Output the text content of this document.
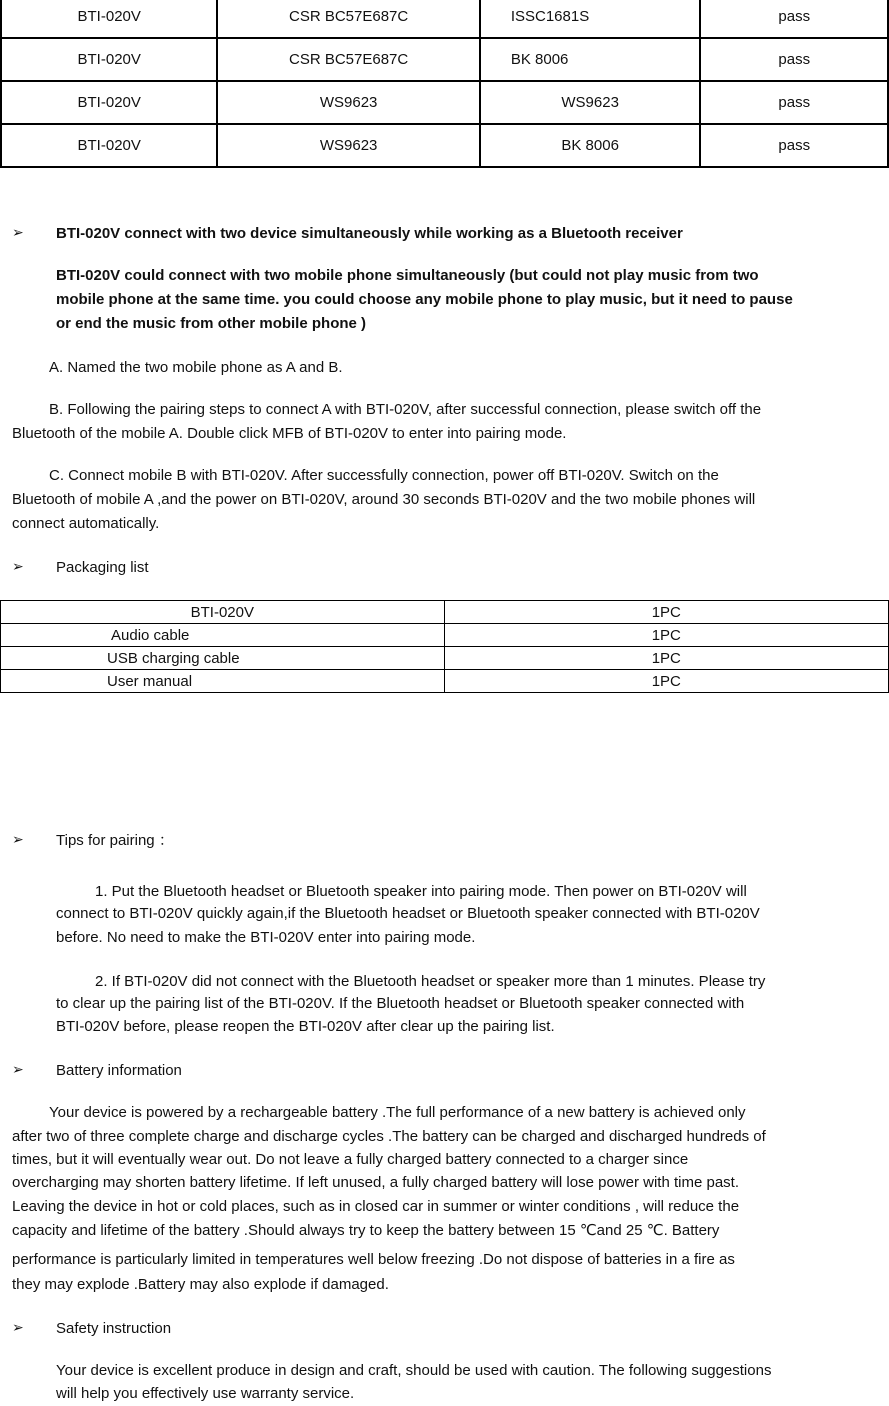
BTI-020V	CSR BC57E687C	ISSC1681S	pass
BTI-020V	CSR BC57E687C	BK 8006	pass
BTI-020V	WS9623	WS9623	pass
BTI-020V	WS9623	BK 8006	pass
➢ BTI-020V connect with two device simultaneously while working as a Bluetooth receiver
BTI-020V could connect with two mobile phone simultaneously (but could not play music from two
mobile phone at the same time. you could choose any mobile phone to play music, but it need to pause
or end the music from other mobile phone )
A. Named the two mobile phone as A and B.
B. Following the pairing steps to connect A with BTI-020V, after successful connection, please switch off the
Bluetooth of the mobile A. Double click MFB of BTI-020V to enter into pairing mode.
C. Connect mobile B with BTI-020V. After successfully connection, power off BTI-020V. Switch on the
Bluetooth of mobile A ,and the power on BTI-020V, around 30 seconds BTI-020V and the two mobile phones will
connect automatically.
➢ Packaging list
BTI-020V	1PC
Audio cable	1PC
USB charging cable	1PC
User manual	1PC
➢ Tips for pairing ：
1. Put the Bluetooth headset or Bluetooth speaker into pairing mode. Then power on BTI-020V will
connect to BTI-020V quickly again,if the Bluetooth headset or Bluetooth speaker connected with BTI-020V
before. No need to make the BTI-020V enter into pairing mode.
2. If BTI-020V did not connect with the Bluetooth headset or speaker more than 1 minutes. Please try
to clear up the pairing list of the BTI-020V. If the Bluetooth headset or Bluetooth speaker connected with
BTI-020V before, please reopen the BTI-020V after clear up the pairing list.
➢ Battery information
Your device is powered by a rechargeable battery .The full performance of a new battery is achieved only
after two of three complete charge and discharge cycles .The battery can be charged and discharged hundreds of
times, but it will eventually wear out. Do not leave a fully charged battery connected to a charger since
overcharging may shorten battery lifetime. If left unused, a fully charged battery will lose power with time past.
Leaving the device in hot or cold places, such as in closed car in summer or winter conditions , will reduce the
capacity and lifetime of the battery .Should always try to keep the battery between 15 ℃and 25 ℃. Battery
performance is particularly limited in temperatures well below freezing .Do not dispose of batteries in a fire as
they may explode .Battery may also explode if damaged.
➢ Safety instruction
Your device is excellent produce in design and craft, should be used with caution. The following suggestions
will help you effectively use warranty service.
